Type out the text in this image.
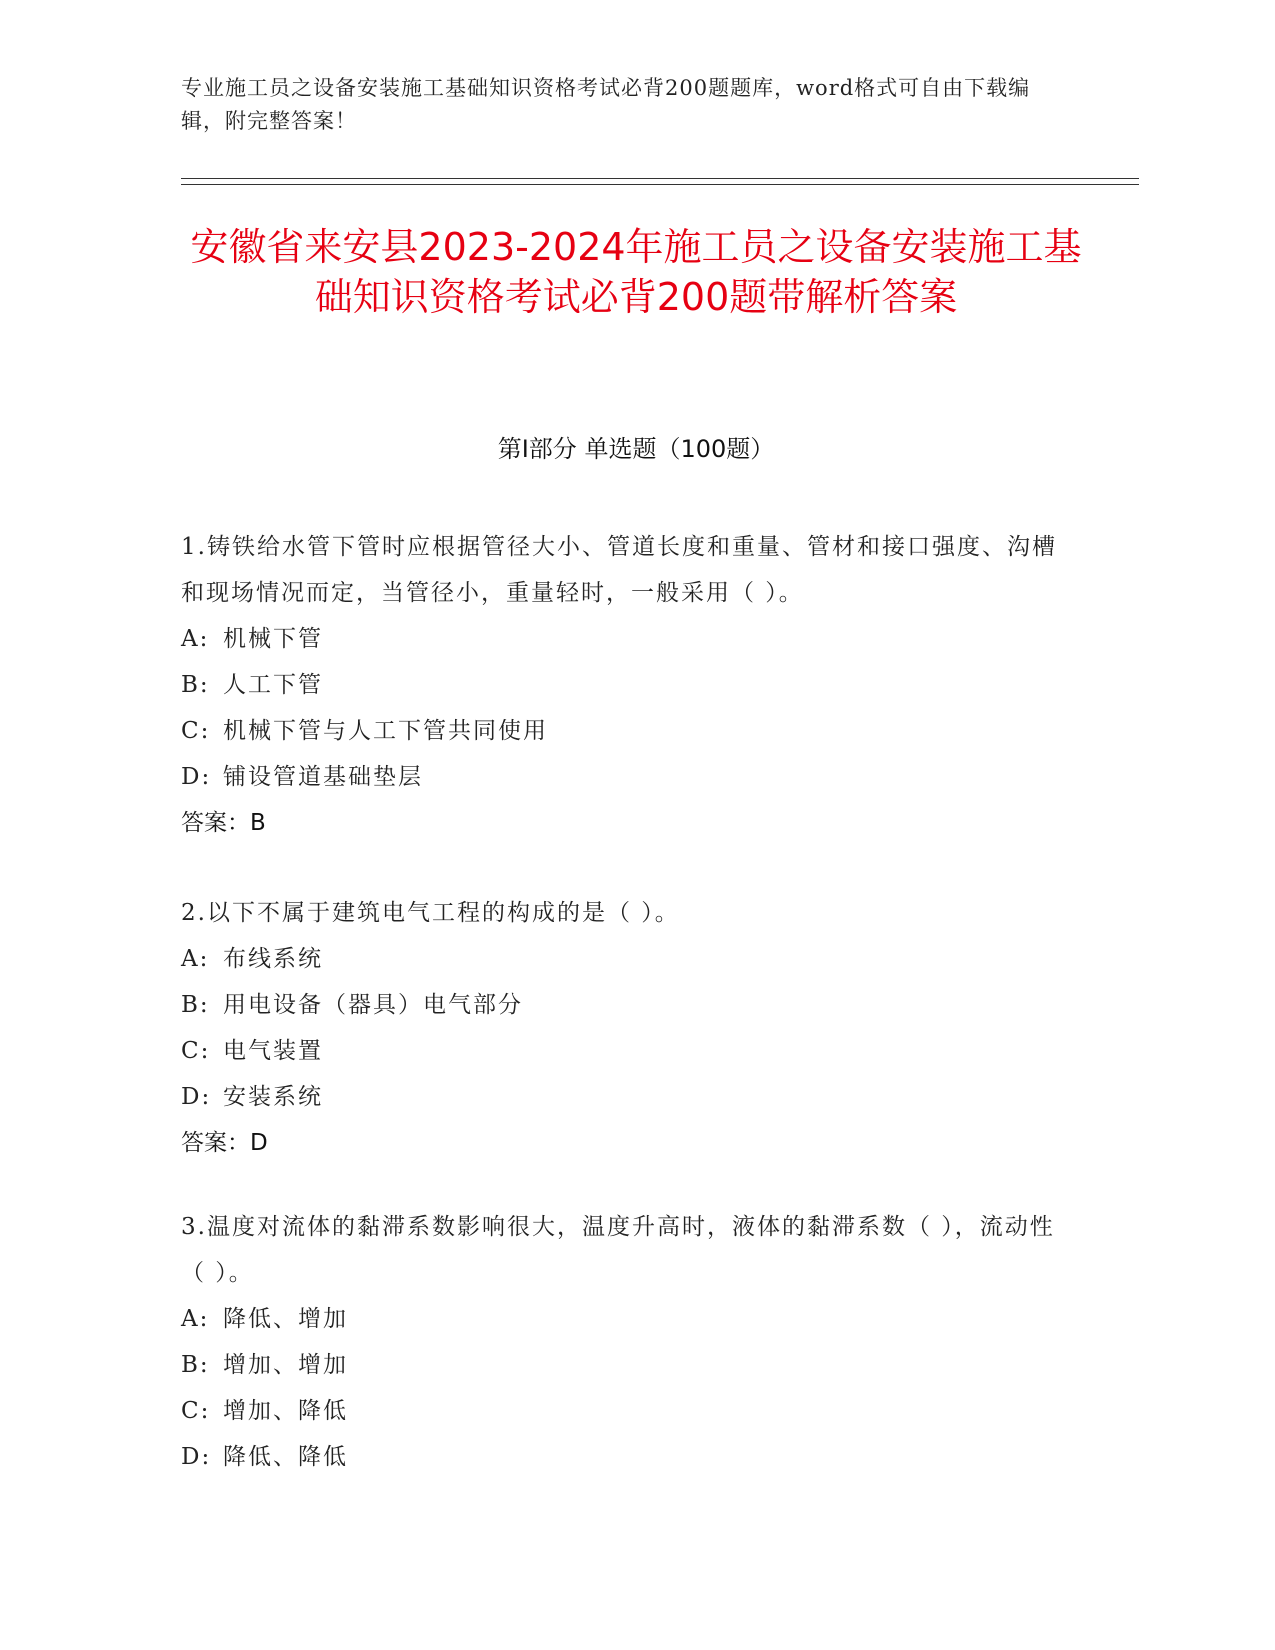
专业施工员之设备安装施工基础知识资格考试必背200题题库，word格式可自由下载编辑，附完整答案！
安徽省来安县2023-2024年施工员之设备安装施工基础知识资格考试必背200题带解析答案
第Ⅰ部分 单选题（100题）

1.铸铁给水管下管时应根据管径大小、管道长度和重量、管材和接口强度、沟槽和现场情况而定，当管径小，重量轻时，一般采用（ ）。

A: 机械下管

B: 人工下管

C: 机械下管与人工下管共同使用

D: 铺设管道基础垫层

答案：B

2.以下不属于建筑电气工程的构成的是（ ）。

A: 布线系统

B: 用电设备（器具）电气部分

C: 电气装置

D: 安装系统

答案：D

3.温度对流体的黏滞系数影响很大，温度升高时，液体的黏滞系数（ ），流动性（ ）。

A: 降低、增加

B: 增加、增加

C: 增加、降低

D: 降低、降低
